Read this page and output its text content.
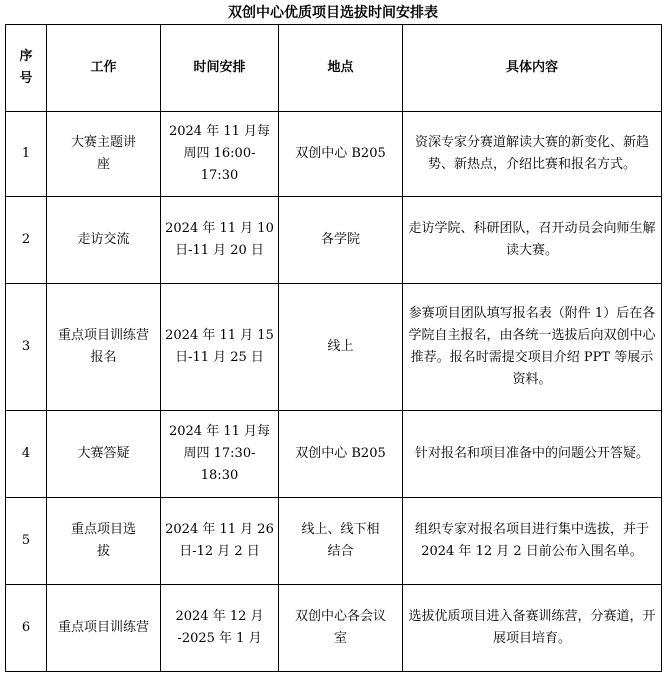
双创中心优质项目选拔时间安排表
序号	工作	时间安排	地点	具体内容
1	大赛主题讲座	2024 年 11 月每周四 16:00-17:30	双创中心 B205	资深专家分赛道解读大赛的新变化、新趋势、新热点，介绍比赛和报名方式。
2	走访交流	2024 年 11 月 10 日-11 月 20 日	各学院	走访学院、科研团队，召开动员会向师生解读大赛。
3	重点项目训练营报名	2024 年 11 月 15 日-11 月 25 日	线上	参赛项目团队填写报名表（附件 1）后在各学院自主报名，由各统一选拔后向双创中心推荐。报名时需提交项目介绍 PPT 等展示资料。
4	大赛答疑	2024 年 11 月每周四 17:30-18:30	双创中心 B205	针对报名和项目准备中的问题公开答疑。
5	重点项目选拔	2024 年 11 月 26 日-12 月 2 日	线上、线下相结合	组织专家对报名项目进行集中选拔，并于 2024 年 12 月 2 日前公布入围名单。
6	重点项目训练营	2024 年 12 月 -2025 年 1 月	双创中心各会议室	选拔优质项目进入备赛训练营，分赛道，开展项目培育。
